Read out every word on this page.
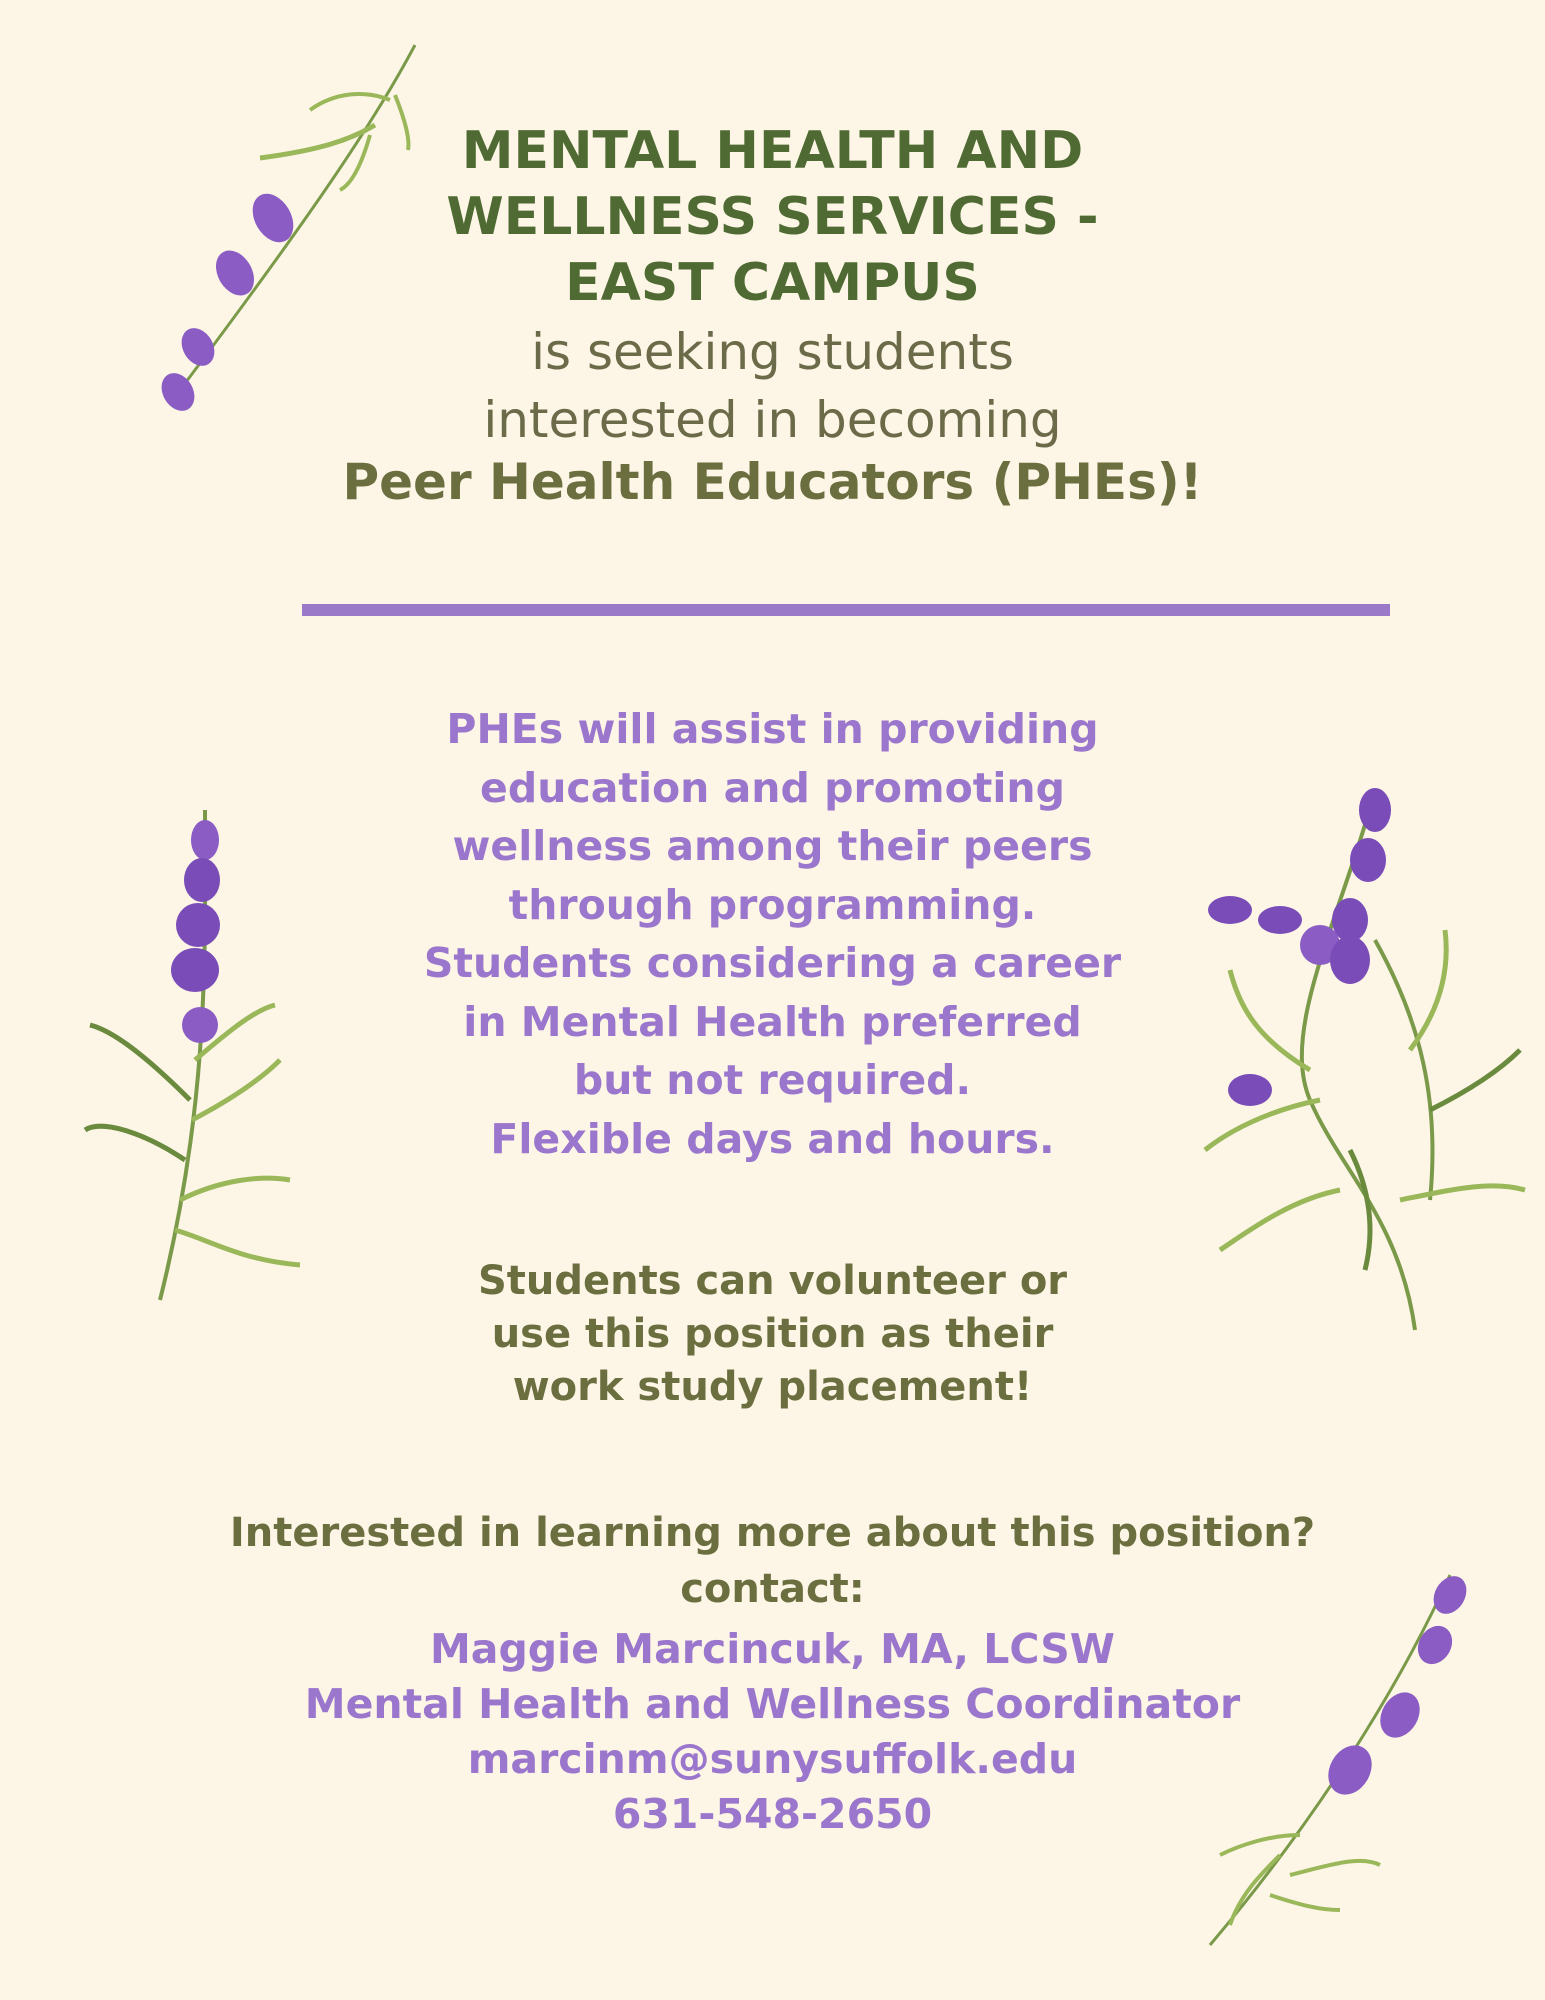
MENTAL HEALTH AND
WELLNESS SERVICES -
EAST CAMPUS
is seeking students
interested in becoming
Peer Health Educators (PHEs)!
PHEs will assist in providing
education and promoting
wellness among their peers
through programming.
Students considering a career
in Mental Health preferred
but not required.
Flexible days and hours.
Students can volunteer or
use this position as their
work study placement!
Interested in learning more about this position?
contact:
Maggie Marcincuk, MA, LCSW
Mental Health and Wellness Coordinator
marcinm@sunysuffolk.edu
631-548-2650
